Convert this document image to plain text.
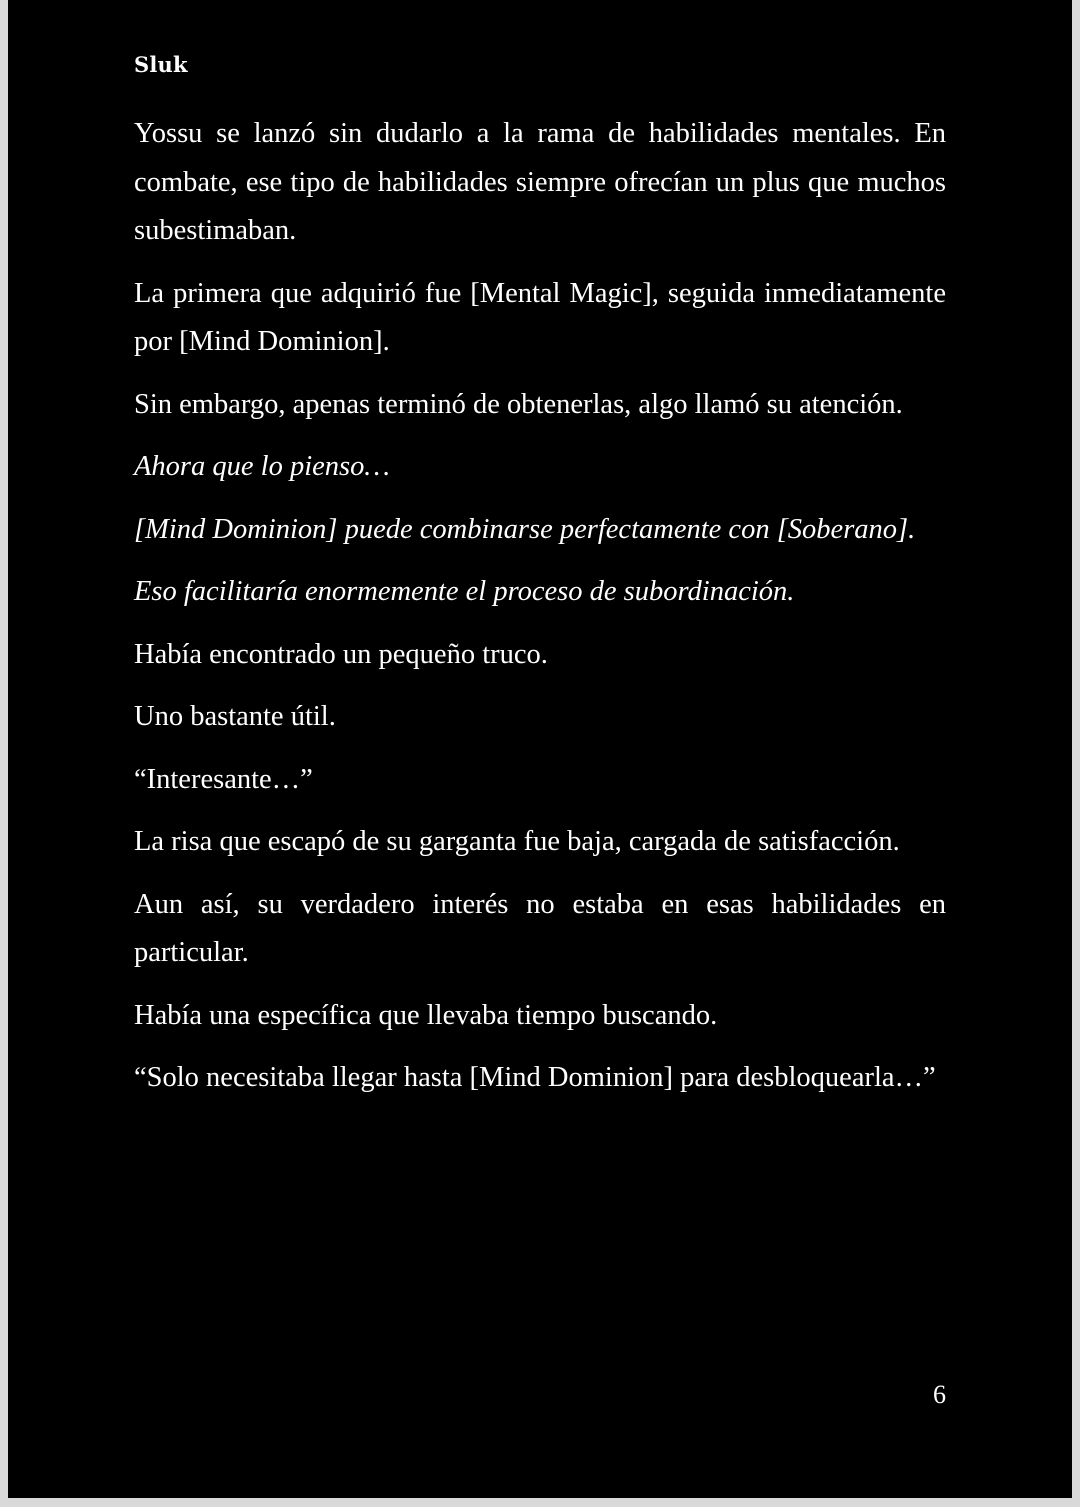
Sluk

Yossu se lanzó sin dudarlo a la rama de habilidades mentales. En combate, ese tipo de habilidades siempre ofrecían un plus que muchos subestimaban.

La primera que adquirió fue [Mental Magic], seguida inmediatamente por [Mind Dominion].

Sin embargo, apenas terminó de obtenerlas, algo llamó su atención.

Ahora que lo pienso…

[Mind Dominion] puede combinarse perfectamente con [Soberano].

Eso facilitaría enormemente el proceso de subordinación.

Había encontrado un pequeño truco.

Uno bastante útil.

“Interesante…”

La risa que escapó de su garganta fue baja, cargada de satisfacción.

Aun así, su verdadero interés no estaba en esas habilidades en particular.

Había una específica que llevaba tiempo buscando.

“Solo necesitaba llegar hasta [Mind Dominion] para desbloquearla…”

6
